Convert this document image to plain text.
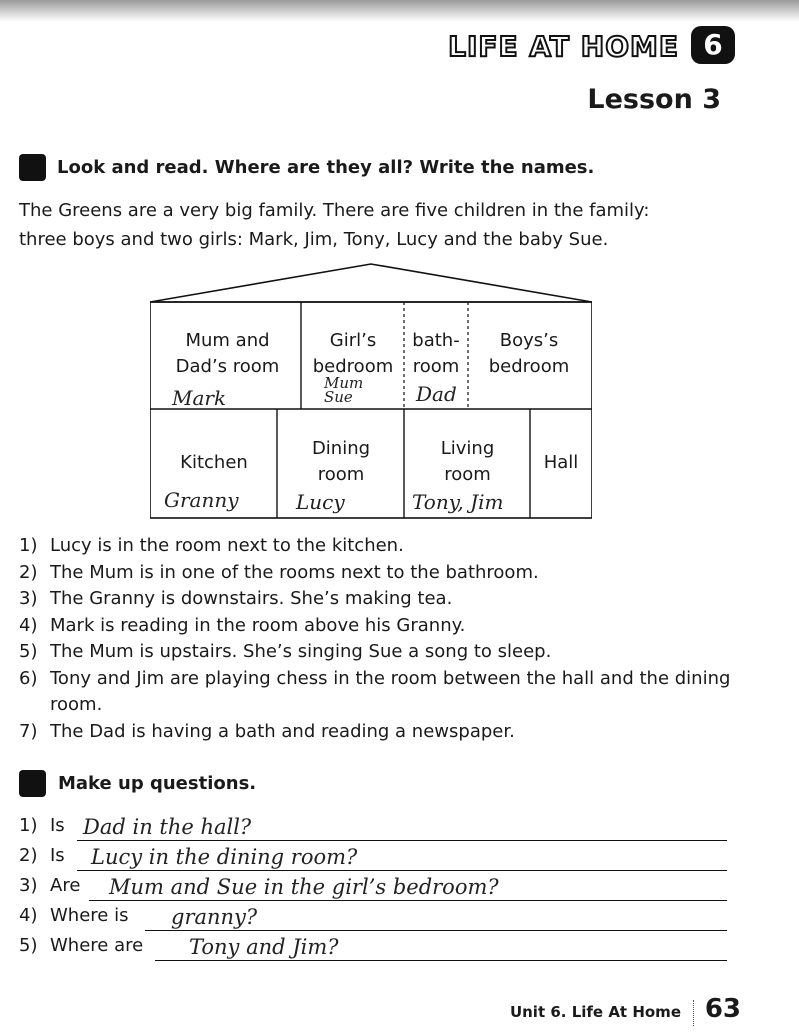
LIFE AT HOME 6
Lesson 3
Look and read. Where are they all? Write the names.
The Greens are a very big family. There are five children in the family:
three boys and two girls: Mark, Jim, Tony, Lucy and the baby Sue.
Mum and
Dad’s room
Mark
Girl’s
bedroom
Mum
Sue
bath-
room
Dad
Boys’s
bedroom
Kitchen
Granny
Dining
room
Lucy
Living
room
Tony, Jim
Hall
1) Lucy is in the room next to the kitchen.
2) The Mum is in one of the rooms next to the bathroom.
3) The Granny is downstairs. She’s making tea.
4) Mark is reading in the room above his Granny.
5) The Mum is upstairs. She’s singing Sue a song to sleep.
6) Tony and Jim are playing chess in the room between the hall and the dining room.
7) The Dad is having a bath and reading a newspaper.
Make up questions.
1) Is Dad in the hall?
2) Is Lucy in the dining room?
3) Are Mum and Sue in the girl’s bedroom?
4) Where is granny?
5) Where are Tony and Jim?
Unit 6. Life At Home 63
